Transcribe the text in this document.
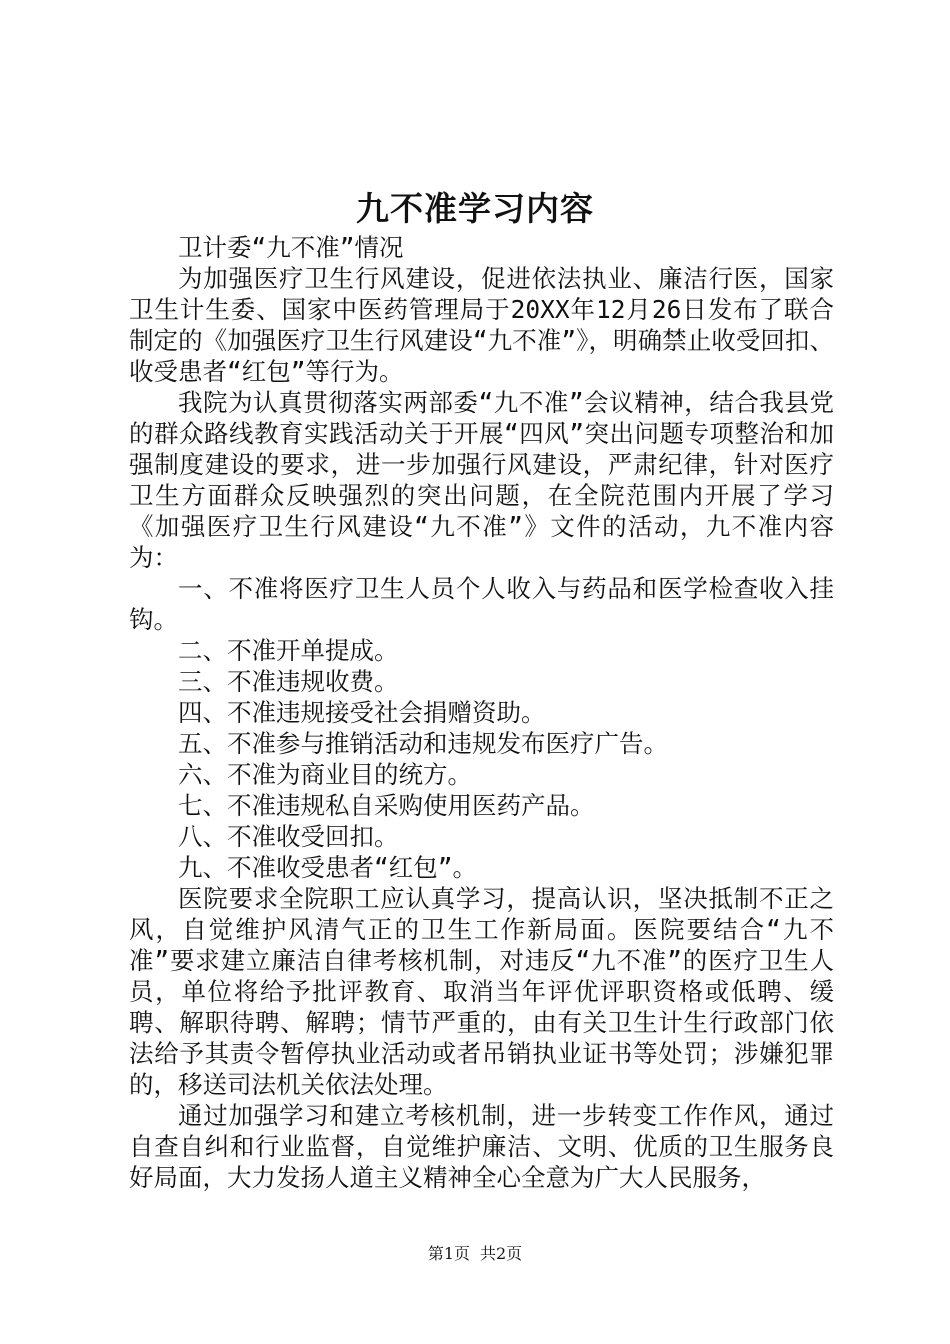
九不准学习内容

卫计委“九不准”情况

为加强医疗卫生行风建设，促进依法执业、廉洁行医，国家卫生计生委、国家中医药管理局于20XX年12月26日发布了联合制定的《加强医疗卫生行风建设“九不准”》，明确禁止收受回扣、收受患者“红包”等行为。

我院为认真贯彻落实两部委“九不准”会议精神，结合我县党的群众路线教育实践活动关于开展“四风”突出问题专项整治和加强制度建设的要求，进一步加强行风建设，严肃纪律，针对医疗卫生方面群众反映强烈的突出问题，在全院范围内开展了学习《加强医疗卫生行风建设“九不准”》文件的活动，九不准内容为：

一、不准将医疗卫生人员个人收入与药品和医学检查收入挂钩。

二、不准开单提成。

三、不准违规收费。

四、不准违规接受社会捐赠资助。

五、不准参与推销活动和违规发布医疗广告。

六、不准为商业目的统方。

七、不准违规私自采购使用医药产品。

八、不准收受回扣。

九、不准收受患者“红包”。

医院要求全院职工应认真学习，提高认识，坚决抵制不正之风，自觉维护风清气正的卫生工作新局面。医院要结合“九不准”要求建立廉洁自律考核机制，对违反“九不准”的医疗卫生人员，单位将给予批评教育、取消当年评优评职资格或低聘、缓聘、解职待聘、解聘；情节严重的，由有关卫生计生行政部门依法给予其责令暂停执业活动或者吊销执业证书等处罚；涉嫌犯罪的，移送司法机关依法处理。

通过加强学习和建立考核机制，进一步转变工作作风，通过自查自纠和行业监督，自觉维护廉洁、文明、优质的卫生服务良好局面，大力发扬人道主义精神全心全意为广大人民服务，

第1页 共2页
